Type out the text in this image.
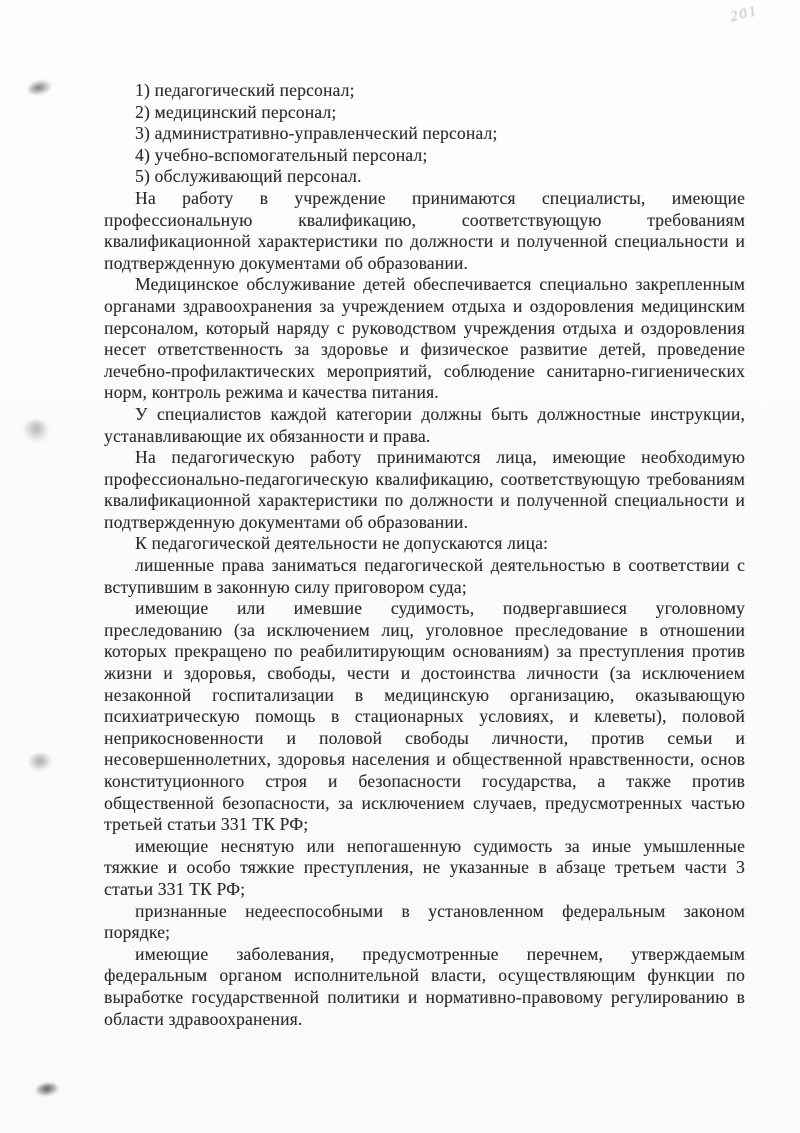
201
1) педагогический персонал;
2) медицинский персонал;
3) административно-управленческий персонал;
4) учебно-вспомогательный персонал;
5) обслуживающий персонал.

На работу в учреждение принимаются специалисты, имеющие профессиональную квалификацию, соответствующую требованиям квалификационной характеристики по должности и полученной специальности и подтвержденную документами об образовании.

Медицинское обслуживание детей обеспечивается специально закрепленным органами здравоохранения за учреждением отдыха и оздоровления медицинским персоналом, который наряду с руководством учреждения отдыха и оздоровления несет ответственность за здоровье и физическое развитие детей, проведение лечебно-профилактических мероприятий, соблюдение санитарно-гигиенических норм, контроль режима и качества питания.

У специалистов каждой категории должны быть должностные инструкции, устанавливающие их обязанности и права.

На педагогическую работу принимаются лица, имеющие необходимую профессионально-педагогическую квалификацию, соответствующую требованиям квалификационной характеристики по должности и полученной специальности и подтвержденную документами об образовании.

К педагогической деятельности не допускаются лица:

лишенные права заниматься педагогической деятельностью в соответствии с вступившим в законную силу приговором суда;

имеющие или имевшие судимость, подвергавшиеся уголовному преследованию (за исключением лиц, уголовное преследование в отношении которых прекращено по реабилитирующим основаниям) за преступления против жизни и здоровья, свободы, чести и достоинства личности (за исключением незаконной госпитализации в медицинскую организацию, оказывающую психиатрическую помощь в стационарных условиях, и клеветы), половой неприкосновенности и половой свободы личности, против семьи и несовершеннолетних, здоровья населения и общественной нравственности, основ конституционного строя и безопасности государства, а также против общественной безопасности, за исключением случаев, предусмотренных частью третьей статьи 331 ТК РФ;

имеющие неснятую или непогашенную судимость за иные умышленные тяжкие и особо тяжкие преступления, не указанные в абзаце третьем части 3 статьи 331 ТК РФ;

признанные недееспособными в установленном федеральным законом порядке;

имеющие заболевания, предусмотренные перечнем, утверждаемым федеральным органом исполнительной власти, осуществляющим функции по выработке государственной политики и нормативно-правовому регулированию в области здравоохранения.
